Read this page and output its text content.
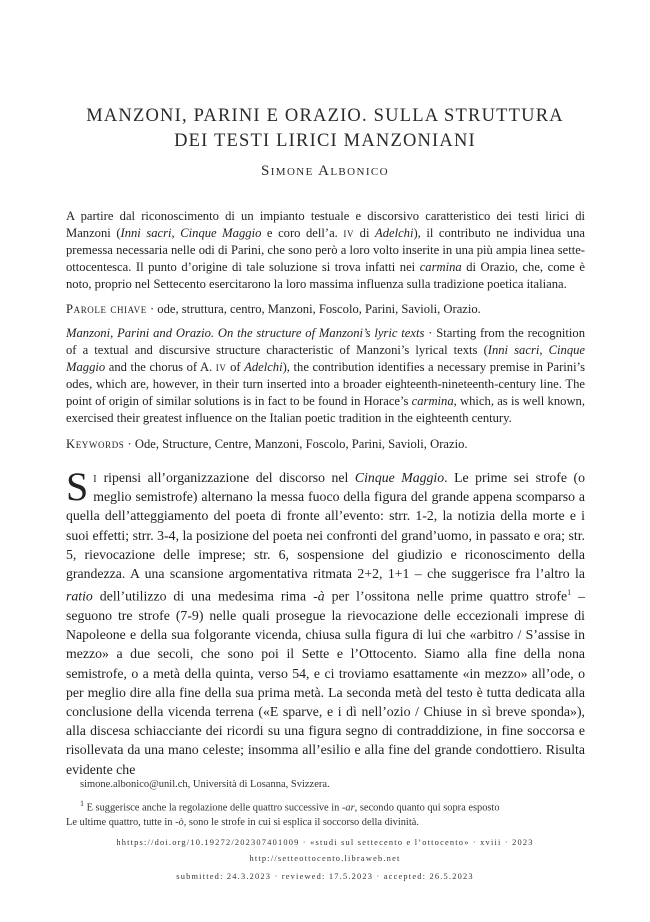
MANZONI, PARINI E ORAZIO. SULLA STRUTTURA
DEI TESTI LIRICI MANZONIANI
Simone Albonico
A partire dal riconoscimento di un impianto testuale e discorsivo caratteristico dei testi lirici di Manzoni (Inni sacri, Cinque Maggio e coro dell’a. iv di Adelchi), il contributo ne individua una premessa necessaria nelle odi di Parini, che sono però a loro volto inserite in una più ampia linea sette-ottocentesca. Il punto d’origine di tale soluzione si trova infatti nei carmina di Orazio, che, come è noto, proprio nel Settecento esercitarono la loro massima influenza sulla tradizione poetica italiana.
Parole chiave · ode, struttura, centro, Manzoni, Foscolo, Parini, Savioli, Orazio.
Manzoni, Parini and Orazio. On the structure of Manzoni’s lyric texts · Starting from the recognition of a textual and discursive structure characteristic of Manzoni’s lyrical texts (Inni sacri, Cinque Maggio and the chorus of A. iv of Adelchi), the contribution identifies a necessary premise in Parini’s odes, which are, however, in their turn inserted into a broader eighteenth-nineteenth-century line. The point of origin of similar solutions is in fact to be found in Horace’s carmina, which, as is well known, exercised their greatest influence on the Italian poetic tradition in the eighteenth century.
Keywords · Ode, Structure, Centre, Manzoni, Foscolo, Parini, Savioli, Orazio.
Si ripensi all’organizzazione del discorso nel Cinque Maggio. Le prime sei strofe (o meglio semistrofe) alternano la messa fuoco della figura del grande appena scomparso a quella dell’atteggiamento del poeta di fronte all’evento: strr. 1-2, la notizia della morte e i suoi effetti; strr. 3-4, la posizione del poeta nei confronti del grand’uomo, in passato e ora; str. 5, rievocazione delle imprese; str. 6, sospensione del giudizio e riconoscimento della grandezza. A una scansione argomentativa ritmata 2+2, 1+1 – che suggerisce fra l’altro la ratio dell’utilizzo di una medesima rima -à per l’ossitona nelle prime quattro strofe$^1$ – seguono tre strofe (7-9) nelle quali prosegue la rievocazione delle eccezionali imprese di Napoleone e della sua folgorante vicenda, chiusa sulla figura di lui che «arbitro / S’assise in mezzo» a due secoli, che sono poi il Sette e l’Ottocento. Siamo alla fine della nona semistrofe, o a metà della quinta, verso 54, e ci troviamo esattamente «in mezzo» all’ode, o per meglio dire alla fine della sua prima metà. La seconda metà del testo è tutta dedicata alla conclusione della vicenda terrena («E sparve, e i dì nell’ozio / Chiuse in sì breve sponda»), alla discesa schiacciante dei ricordi su una figura segno di contraddizione, in fine soccorsa e risollevata da una mano celeste; insomma all’esilio e alla fine del grande condottiero. Risulta evidente che
simone.albonico@unil.ch, Università di Losanna, Svizzera.
$^1$ E suggerisce anche la regolazione delle quattro successive in -ar, secondo quanto qui sopra esposto
Le ultime quattro, tutte in -ò, sono le strofe in cui si esplica il soccorso della divinità.
hhttps://doi.org/10.19272/202307401009 · «studi sul settecento e l’ottocento» · xviii · 2023
http://setteottocento.libraweb.net
submitted: 24.3.2023 · reviewed: 17.5.2023 · accepted: 26.5.2023
